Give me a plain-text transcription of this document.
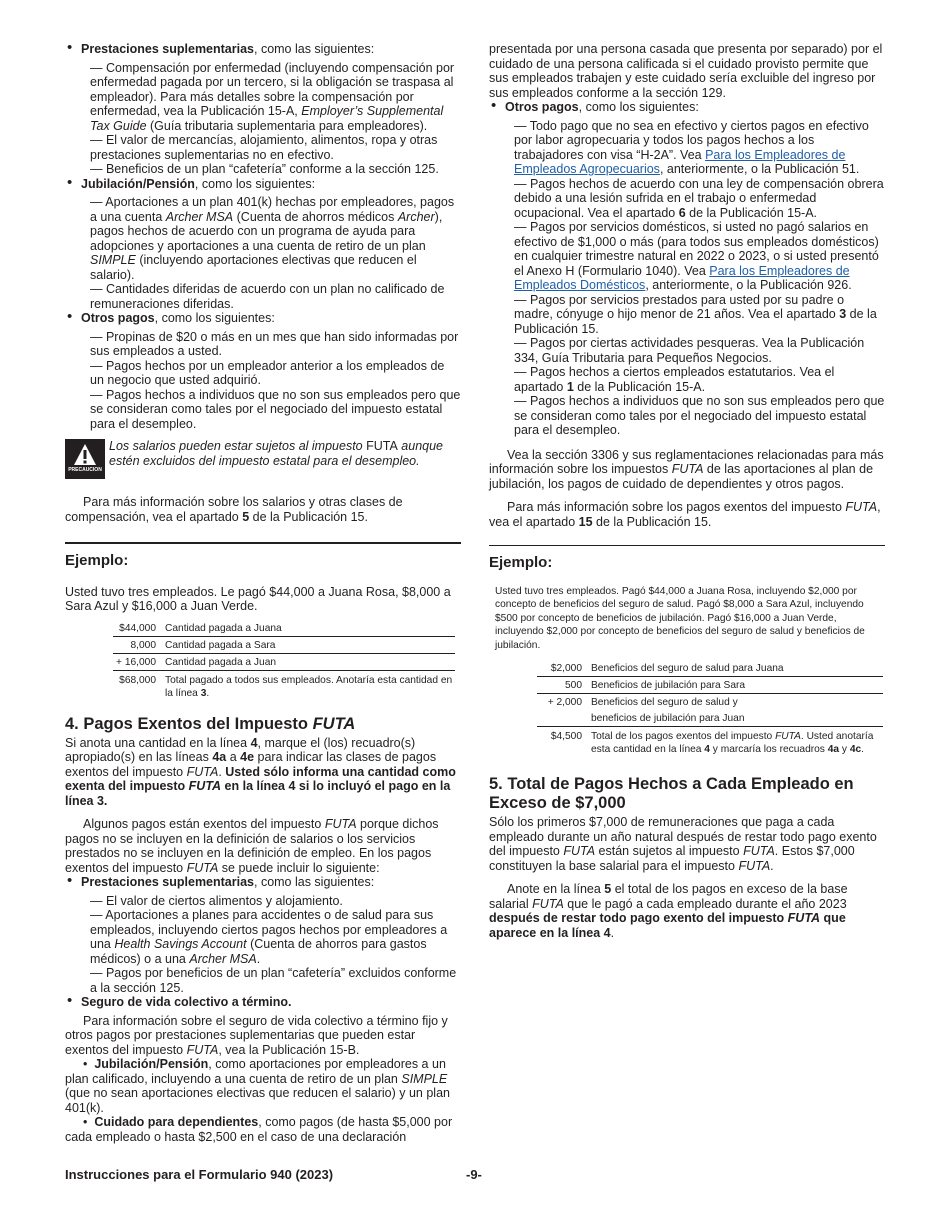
• Prestaciones suplementarias, como las siguientes:

— Compensación por enfermedad (incluyendo compensación por enfermedad pagada por un tercero, si la obligación se traspasa al empleador). Para más detalles sobre la compensación por enfermedad, vea la Publicación 15-A, Employer’s Supplemental Tax Guide (Guía tributaria suplementaria para empleadores).

— El valor de mercancías, alojamiento, alimentos, ropa y otras prestaciones suplementarias no en efectivo.

— Beneficios de un plan “cafetería” conforme a la sección 125.

• Jubilación/Pensión, como los siguientes:

— Aportaciones a un plan 401(k) hechas por empleadores, pagos a una cuenta Archer MSA (Cuenta de ahorros médicos Archer), pagos hechos de acuerdo con un programa de ayuda para adopciones y aportaciones a una cuenta de retiro de un plan SIMPLE (incluyendo aportaciones electivas que reducen el salario).

— Cantidades diferidas de acuerdo con un plan no calificado de remuneraciones diferidas.

• Otros pagos, como los siguientes:

— Propinas de $20 o más en un mes que han sido informadas por sus empleados a usted.

— Pagos hechos por un empleador anterior a los empleados de un negocio que usted adquirió.

— Pagos hechos a individuos que no son sus empleados pero que se consideran como tales por el negociado del impuesto estatal para el desempleo.

PRECAUCION

Los salarios pueden estar sujetos al impuesto FUTA aunque estén excluidos del impuesto estatal para el desempleo.

Para más información sobre los salarios y otras clases de compensación, vea el apartado 5 de la Publicación 15.

Ejemplo:

Usted tuvo tres empleados. Le pagó $44,000 a Juana Rosa, $8,000 a Sara Azul y $16,000 a Juan Verde.

$44,000	Cantidad pagada a Juana
8,000	Cantidad pagada a Sara
+ 16,000	Cantidad pagada a Juan
$68,000	Total pagado a todos sus empleados. Anotaría esta cantidad en la línea 3.
4. Pagos Exentos del Impuesto FUTA

Si anota una cantidad en la línea 4, marque el (los) recuadro(s) apropiado(s) en las líneas 4a a 4e para indicar las clases de pagos exentos del impuesto FUTA. Usted sólo informa una cantidad como exenta del impuesto FUTA en la línea 4 si lo incluyó el pago en la línea 3.

Algunos pagos están exentos del impuesto FUTA porque dichos pagos no se incluyen en la definición de salarios o los servicios prestados no se incluyen en la definición de empleo. En los pagos exentos del impuesto FUTA se puede incluir lo siguiente:

• Prestaciones suplementarias, como las siguientes:

— El valor de ciertos alimentos y alojamiento.

— Aportaciones a planes para accidentes o de salud para sus empleados, incluyendo ciertos pagos hechos por empleadores a una Health Savings Account (Cuenta de ahorros para gastos médicos) o a una Archer MSA.

— Pagos por beneficios de un plan “cafetería” excluidos conforme a la sección 125.

• Seguro de vida colectivo a término.

Para información sobre el seguro de vida colectivo a término fijo y otros pagos por prestaciones suplementarias que pueden estar exentos del impuesto FUTA, vea la Publicación 15-B.

•  Jubilación/Pensión, como aportaciones por empleadores a un plan calificado, incluyendo a una cuenta de retiro de un plan SIMPLE (que no sean aportaciones electivas que reducen el salario) y un plan 401(k).

•  Cuidado para dependientes, como pagos (de hasta $5,000 por cada empleado o hasta $2,500 en el caso de una declaración

presentada por una persona casada que presenta por separado) por el cuidado de una persona calificada si el cuidado provisto permite que sus empleados trabajen y este cuidado sería excluible del ingreso por sus empleados conforme a la sección 129.

• Otros pagos, como los siguientes:

— Todo pago que no sea en efectivo y ciertos pagos en efectivo por labor agropecuaria y todos los pagos hechos a los trabajadores con visa “H-2A”. Vea Para los Empleadores de Empleados Agropecuarios, anteriormente, o la Publicación 51.

— Pagos hechos de acuerdo con una ley de compensación obrera debido a una lesión sufrida en el trabajo o enfermedad ocupacional. Vea el apartado 6 de la Publicación 15-A.

— Pagos por servicios domésticos, si usted no pagó salarios en efectivo de $1,000 o más (para todos sus empleados domésticos) en cualquier trimestre natural en 2022 o 2023, o si usted presentó el Anexo H (Formulario 1040). Vea Para los Empleadores de Empleados Domésticos, anteriormente, o la Publicación 926.

— Pagos por servicios prestados para usted por su padre o madre, cónyuge o hijo menor de 21 años. Vea el apartado 3 de la Publicación 15.

— Pagos por ciertas actividades pesqueras. Vea la Publicación 334, Guía Tributaria para Pequeños Negocios.

— Pagos hechos a ciertos empleados estatutarios. Vea el apartado 1 de la Publicación 15-A.

— Pagos hechos a individuos que no son sus empleados pero que se consideran como tales por el negociado del impuesto estatal para el desempleo.

Vea la sección 3306 y sus reglamentaciones relacionadas para más información sobre los impuestos FUTA de las aportaciones al plan de jubilación, los pagos de cuidado de dependientes y otros pagos.

Para más información sobre los pagos exentos del impuesto FUTA, vea el apartado 15 de la Publicación 15.

Ejemplo:

Usted tuvo tres empleados. Pagó $44,000 a Juana Rosa, incluyendo $2,000 por concepto de beneficios del seguro de salud. Pagó $8,000 a Sara Azul, incluyendo $500 por concepto de beneficios de jubilación. Pagó $16,000 a Juan Verde, incluyendo $2,000 por concepto de beneficios del seguro de salud y beneficios de jubilación.

$2,000	Beneficios del seguro de salud para Juana
500	Beneficios de jubilación para Sara
+ 2,000	Beneficios del seguro de salud y
	beneficios de jubilación para Juan
$4,500	Total de los pagos exentos del impuesto FUTA. Usted anotaría esta cantidad en la línea 4 y marcaría los recuadros 4a y 4c.
5. Total de Pagos Hechos a Cada Empleado en Exceso de $7,000

Sólo los primeros $7,000 de remuneraciones que paga a cada empleado durante un año natural después de restar todo pago exento del impuesto FUTA están sujetos al impuesto FUTA. Estos $7,000 constituyen la base salarial para el impuesto FUTA.

Anote en la línea 5 el total de los pagos en exceso de la base salarial FUTA que le pagó a cada empleado durante el año 2023 después de restar todo pago exento del impuesto FUTA que aparece en la línea 4.

Instrucciones para el Formulario 940 (2023)	-9-
